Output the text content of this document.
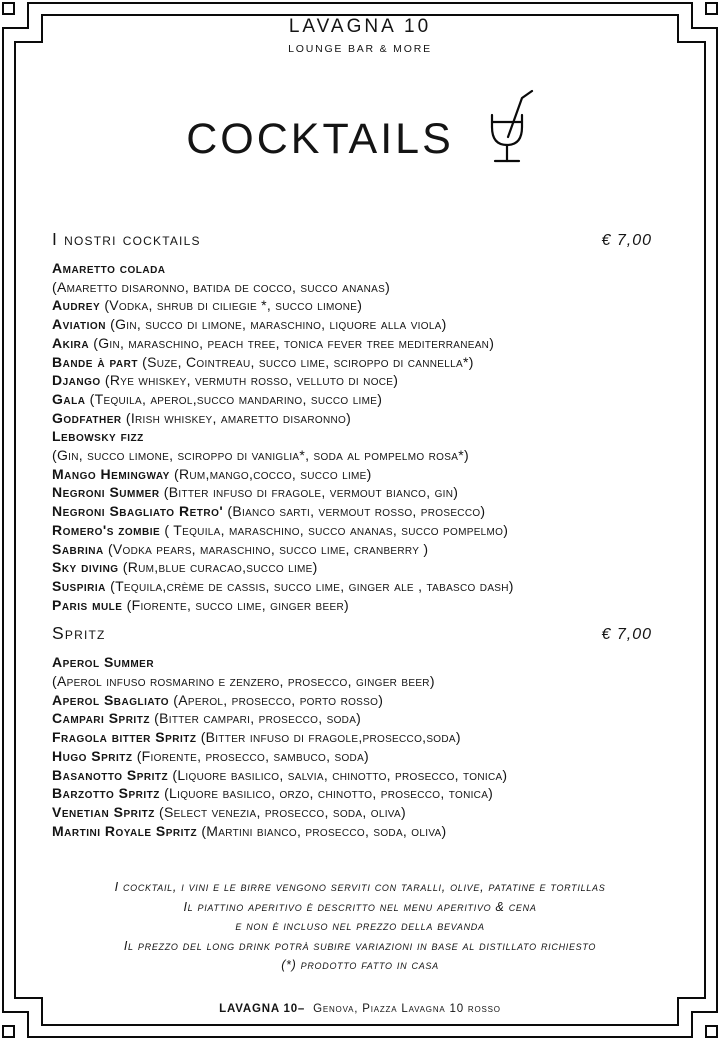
LAVAGNA 10
LOUNGE BAR & MORE
COCKTAILS
I nostri cocktails	€ 7,00
Amaretto colada
(Amaretto disaronno, batida de cocco, succo ananas)
Audrey (Vodka, shrub di ciliegie *, succo limone)
Aviation (Gin, succo di limone, maraschino, liquore alla viola)
Akira (Gin, maraschino, peach tree, tonica fever tree mediterranean)
Bande à part (Suze, Cointreau, succo lime, sciroppo di cannella*)
Django (Rye whiskey, vermuth rosso, velluto di noce)
Gala (Tequila, aperol,succo mandarino, succo lime)
Godfather (Irish whiskey, amaretto disaronno)
Lebowsky fizz
(Gin, succo limone, sciroppo di vaniglia*, soda al pompelmo rosa*)
Mango Hemingway (Rum,mango,cocco, succo lime)
Negroni Summer (Bitter infuso di fragole, vermout bianco, gin)
Negroni Sbagliato Retro' (Bianco sarti, vermout rosso, prosecco)
Romero's zombie ( Tequila, maraschino, succo ananas, succo pompelmo)
Sabrina (Vodka pears, maraschino, succo lime, cranberry )
Sky diving (Rum,blue curacao,succo lime)
Suspiria (Tequila,crème de cassis, succo lime, ginger ale , tabasco dash)
Paris mule (Fiorente, succo lime, ginger beer)
Spritz	€ 7,00
Aperol Summer
(Aperol infuso rosmarino e zenzero, prosecco, ginger beer)
Aperol Sbagliato (Aperol, prosecco, porto rosso)
Campari Spritz (Bitter campari, prosecco, soda)
Fragola bitter Spritz (Bitter infuso di fragole,prosecco,soda)
Hugo Spritz (Fiorente, prosecco, sambuco, soda)
Basanotto Spritz (Liquore basilico, salvia, chinotto, prosecco, tonica)
Barzotto Spritz (Liquore basilico, orzo, chinotto, prosecco, tonica)
Venetian Spritz (Select venezia, prosecco, soda, oliva)
Martini Royale Spritz (Martini bianco, prosecco, soda, oliva)
I cocktail, i vini e le birre vengono serviti con taralli, olive, patatine e tortillas
Il piattino aperitivo è descritto nel menu aperitivo & cena
e non è incluso nel prezzo della bevanda
Il prezzo del long drink potrà subire variazioni in base al distillato richiesto
(*) prodotto fatto in casa
LAVAGNA 10– Genova, Piazza Lavagna 10 rosso
